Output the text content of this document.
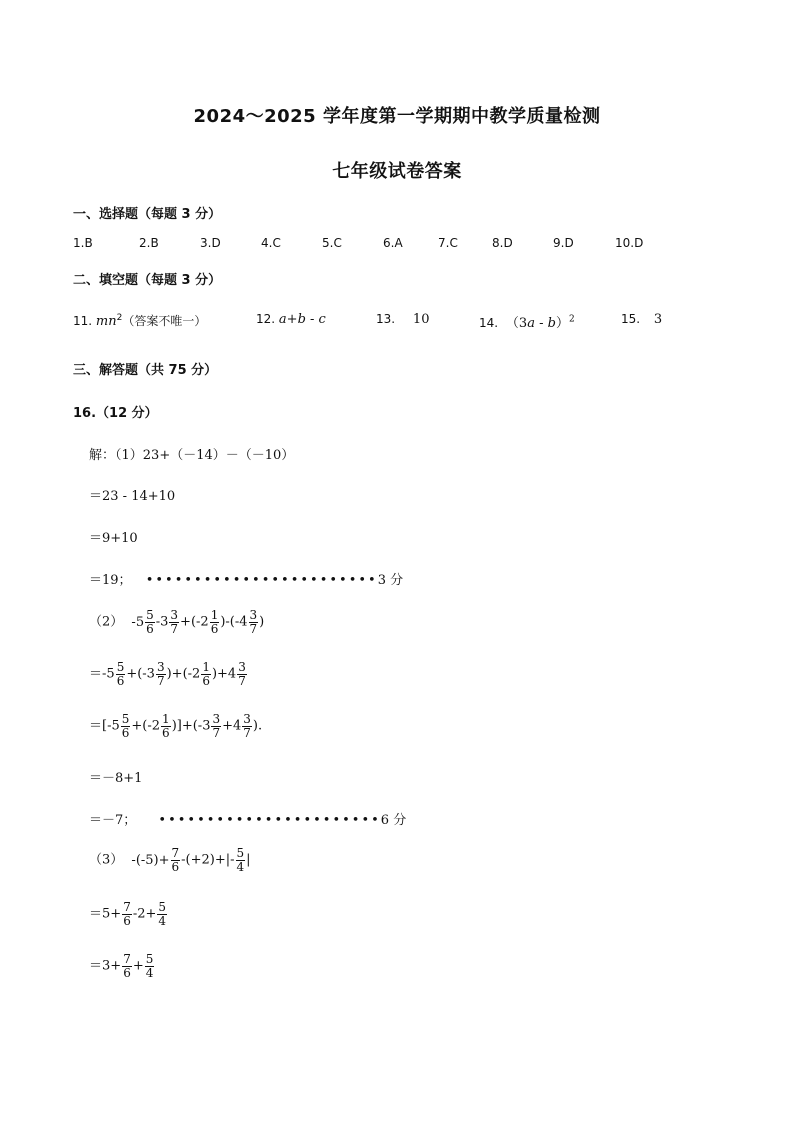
2024～2025 学年度第一学期期中教学质量检测
七年级试卷答案
一、选择题（每题 3 分）
1.B	2.B	3.D	4.C	5.C	6.A	7.C	8.D	9.D	10.D
二、填空题（每题 3 分）
11. $mn^2$（答案不唯一）	12. a+b - c	13. 10	14. （3a - b）$^2$	15. 3
三、解答题（共 75 分）
16.（12 分）
解：（1）23+（－14）－（－10）
＝23 - 14+10
＝9+10
＝19； ••••••••••••••••••••••••3 分
（2） $-5 \frac{5}{6} -3 \frac{3}{7} +(-2 \frac{1}{6} )-(-4 \frac{3}{7}$ )
$=-5 \frac{5}{6} +(-3 \frac{3}{7} )+(-2 \frac{1}{6} )+4 \frac{3}{7}$
$=[-5 \frac{5}{6} +(-2 \frac{1}{6} )]+(-3 \frac{3}{7} +4 \frac{3}{7}$ ).
＝－8+1
＝－7； •••••••••••••••••••••••6 分
（3） $-(-5)+ \frac{7}{6} -(+2)+|- \frac{5}{4}$ |
$=5+ \frac{7}{6} -2+ \frac{5}{4}$
$=3+ \frac{7}{6} + \frac{5}{4}$
